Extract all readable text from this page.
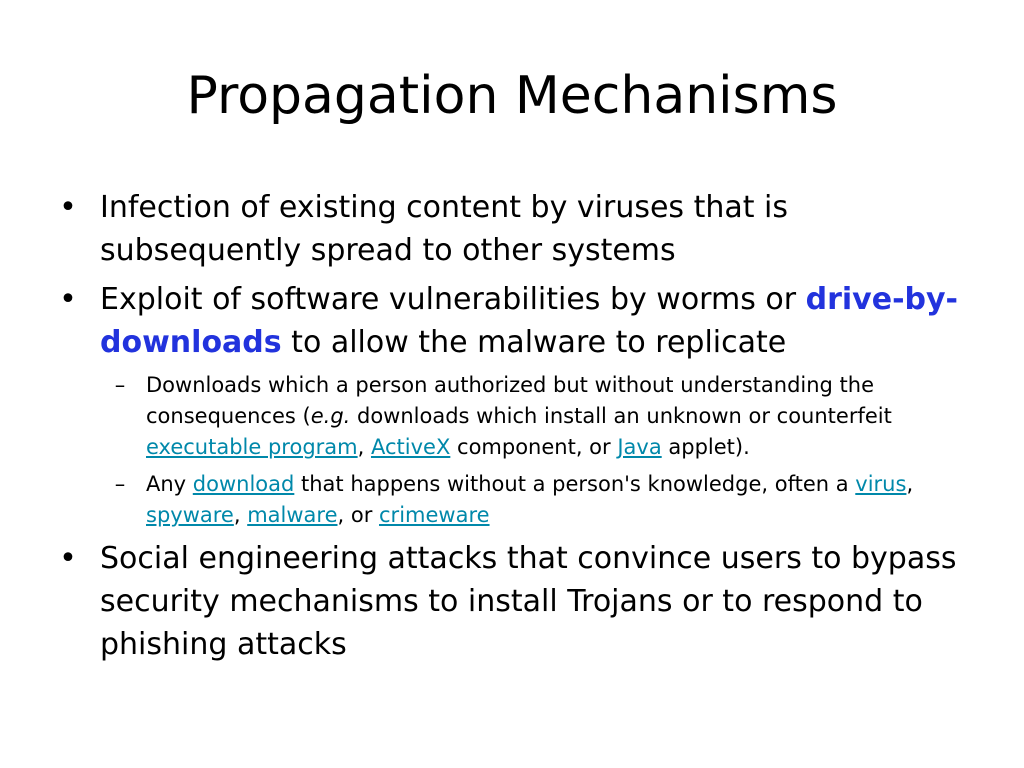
Propagation Mechanisms
• Infection of existing content by viruses that is subsequently spread to other systems
• Exploit of software vulnerabilities by worms or drive-by-downloads to allow the malware to replicate
– Downloads which a person authorized but without understanding the consequences (e.g. downloads which install an unknown or counterfeit executable program, ActiveX component, or Java applet).
– Any download that happens without a person's knowledge, often a virus, spyware, malware, or crimeware
• Social engineering attacks that convince users to bypass security mechanisms to install Trojans or to respond to phishing attacks
